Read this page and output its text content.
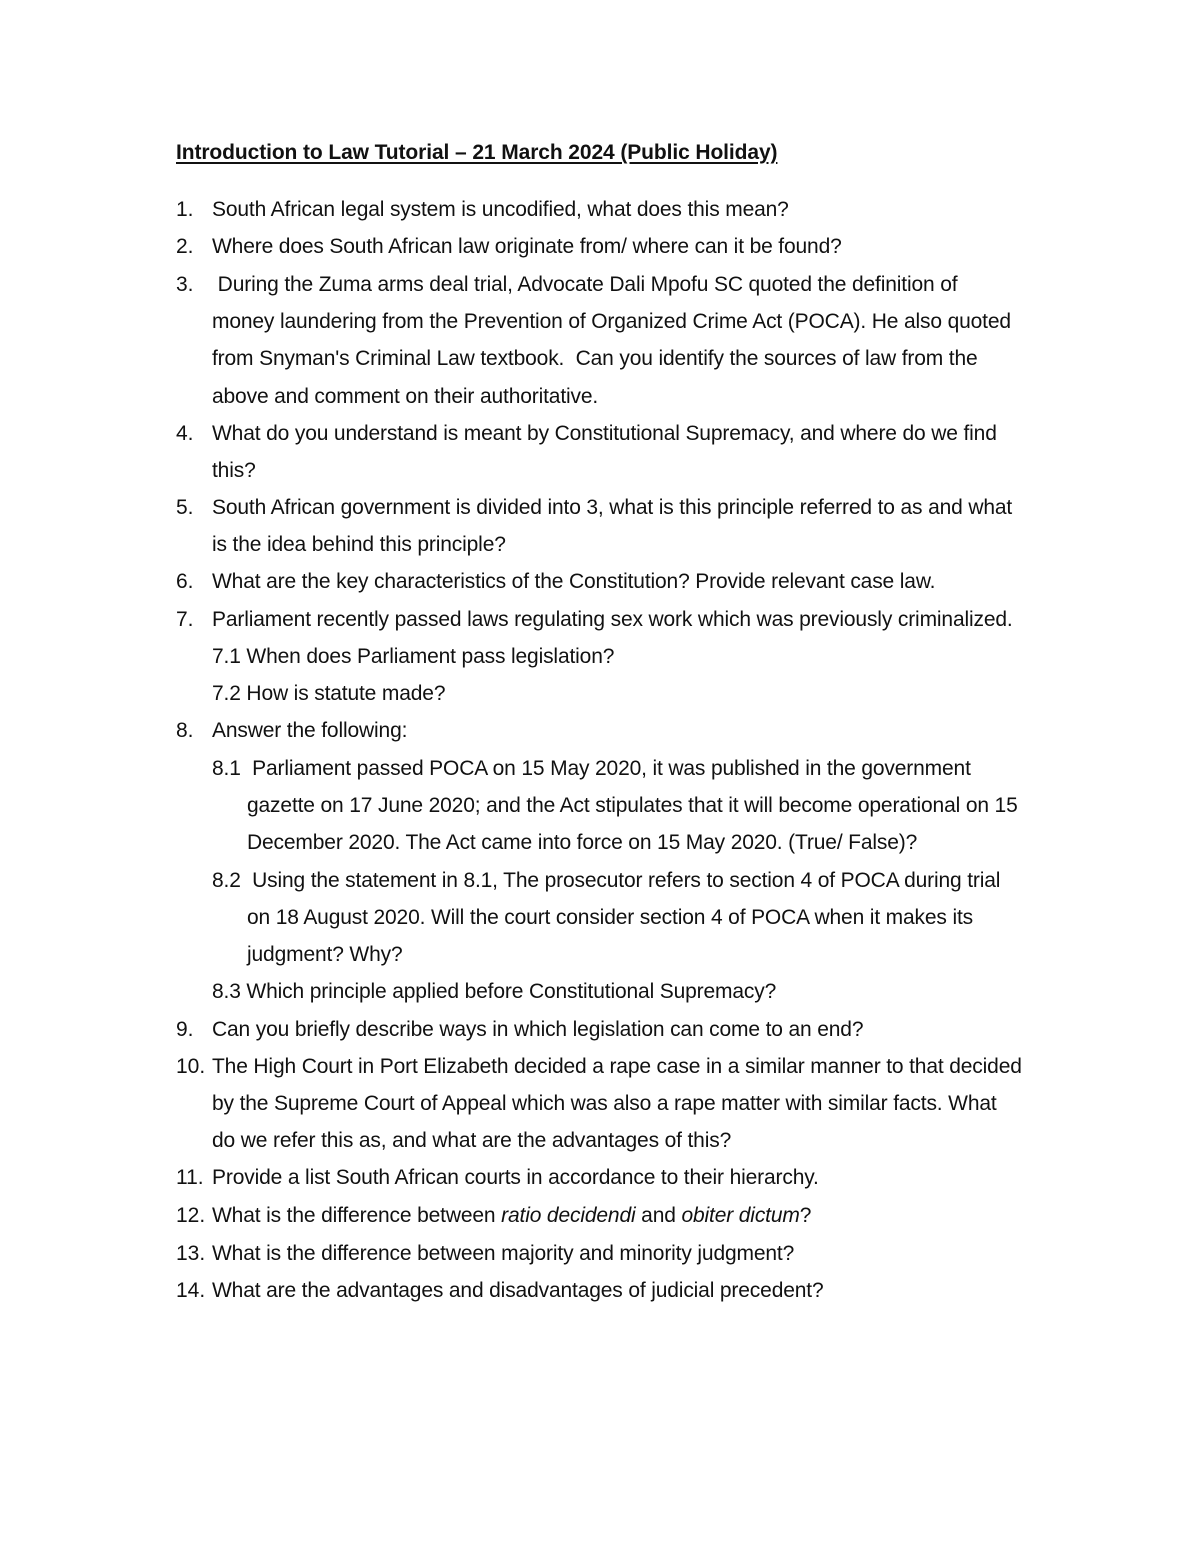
Introduction to Law Tutorial – 21 March 2024 (Public Holiday)
1. South African legal system is uncodified, what does this mean?
2. Where does South African law originate from/ where can it be found?
3. During the Zuma arms deal trial, Advocate Dali Mpofu SC quoted the definition of
money laundering from the Prevention of Organized Crime Act (POCA). He also quoted
from Snyman's Criminal Law textbook.  Can you identify the sources of law from the
above and comment on their authoritative.
4. What do you understand is meant by Constitutional Supremacy, and where do we find
this?
5. South African government is divided into 3, what is this principle referred to as and what
is the idea behind this principle?
6. What are the key characteristics of the Constitution? Provide relevant case law.
7. Parliament recently passed laws regulating sex work which was previously criminalized.
7.1 When does Parliament pass legislation?
7.2 How is statute made?
8. Answer the following:
8.1  Parliament passed POCA on 15 May 2020, it was published in the government
gazette on 17 June 2020; and the Act stipulates that it will become operational on 15
December 2020. The Act came into force on 15 May 2020. (True/ False)?
8.2  Using the statement in 8.1, The prosecutor refers to section 4 of POCA during trial
on 18 August 2020. Will the court consider section 4 of POCA when it makes its
judgment? Why?
8.3 Which principle applied before Constitutional Supremacy?
9. Can you briefly describe ways in which legislation can come to an end?
10. The High Court in Port Elizabeth decided a rape case in a similar manner to that decided
by the Supreme Court of Appeal which was also a rape matter with similar facts. What
do we refer this as, and what are the advantages of this?
11. Provide a list South African courts in accordance to their hierarchy.
12. What is the difference between ratio decidendi and obiter dictum?
13. What is the difference between majority and minority judgment?
14. What are the advantages and disadvantages of judicial precedent?
